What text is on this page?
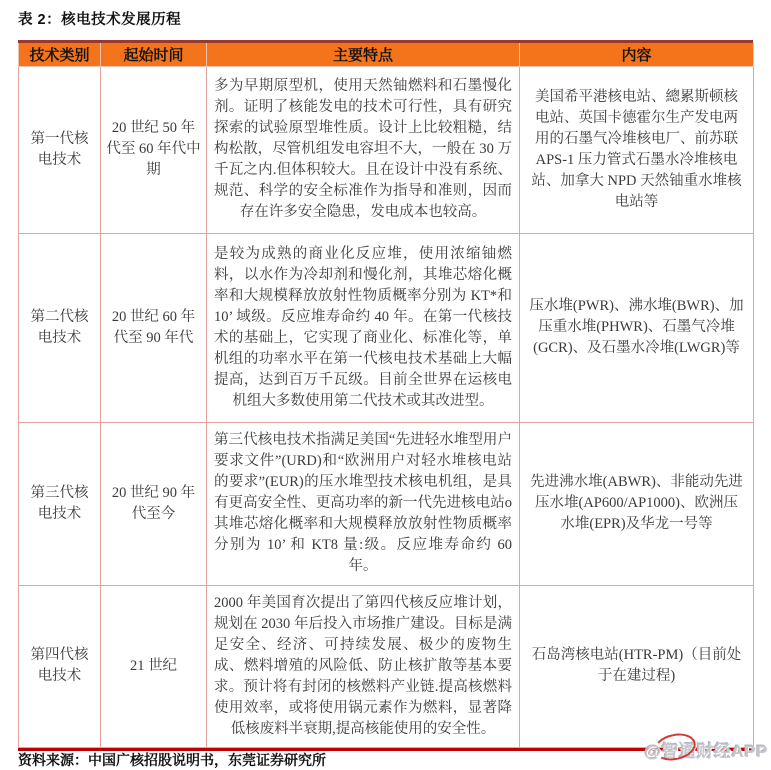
表 2：核电技术发展历程
技术类别	起始时间	主要特点	内容
第一代核电技术	20 世纪 50 年代至 60 年代中期	多为早期原型机，使用天然铀燃料和石墨慢化剂。证明了核能发电的技术可行性，具有研究探索的试验原型堆性质。设计上比较粗糙，结构松散，尽管机组发电容坦不大，一般在 30 万千瓦之内.但体积较大。且在设计中没有系统、规范、科学的安全标准作为指导和准则，因而存在许多安全隐患，发电成本也较高。	美国希平港核电站、總累斯顿核电站、英国卡德霍尔生产发电两用的石墨气冷堆核电厂、前苏联 APS-1 压力管式石墨水冷堆核电站、加拿大 NPD 天然铀重水堆核电站等
第二代核电技术	20 世纪 60 年代至 90 年代	是较为成熟的商业化反应堆，使用浓缩铀燃料，以水作为冷却剂和慢化剂，其堆芯熔化概率和大规模释放放射性物质概率分别为 KT*和 10’ 域级。反应堆寿命约 40 年。在第一代核技术的基础上，它实现了商业化、标准化等，单机组的功率水平在第一代核电技术基础上大幅提高，达到百万千瓦级。目前全世界在运核电机组大多数使用第二代技术或其改进型。	压水堆(PWR)、沸水堆(BWR)、加压重水堆(PHWR)、石墨气冷堆(GCR)、及石墨水冷堆(LWGR)等
第三代核电技术	20 世纪 90 年代至今	第三代核电技术指满足美国“先进轻水堆型用户要求文件”(URD)和“欧洲用户对轻水堆核电站的要求”(EUR)的压水堆型技术核电机组，是具有更高安全性、更高功率的新一代先进核电站o其堆芯熔化概率和大规模释放放射性物质概率分别为 10’ 和 KT8 量:级。反应堆寿命约 60 年。	先进沸水堆(ABWR)、非能动先进压水堆(AP600/AP1000)、欧洲压水堆(EPR)及华龙一号等
第四代核电技术	21 世纪	2000 年美国育次提出了第四代核反应堆计划，规划在 2030 年后投入市场推广建设。目标是满足安全、经济、可持续发展、极少的废物生成、燃料增殖的风险低、防止核扩散等基本要求。预计将有封闭的核燃料产业链.提高核燃料使用效率，或将使用锅元素作为燃料，显著降低核废料半衰期,提高核能使用的安全性。	石岛湾核电站(HTR-PM)（目前处于在建过程)
资料来源：中国广核招股说明书，东莞证券研究所	@智通财经APP
